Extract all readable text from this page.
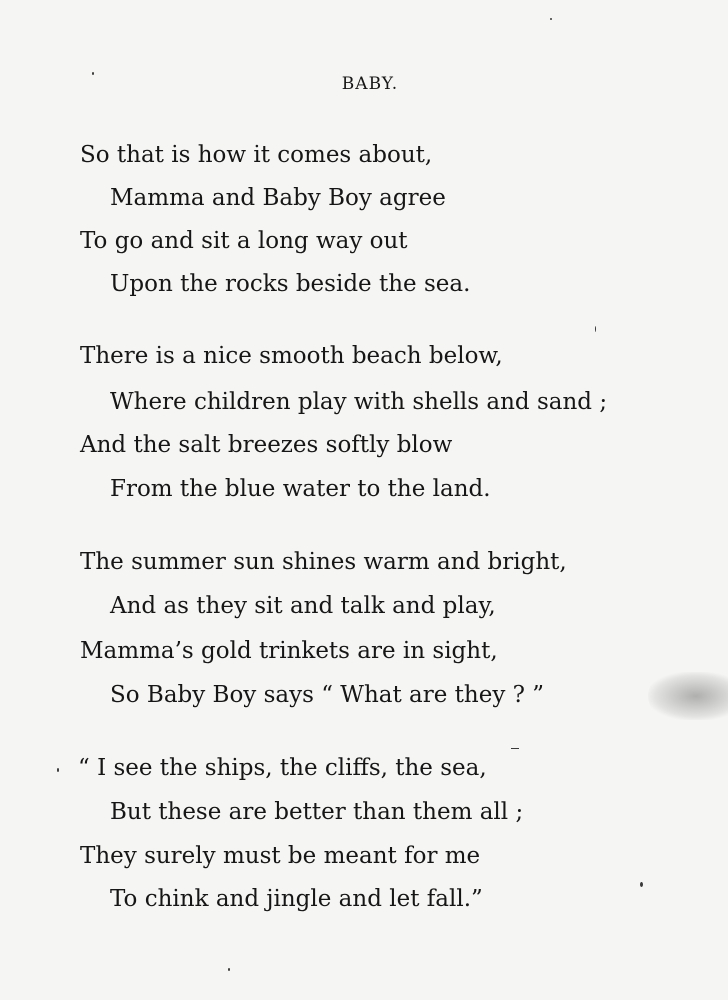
BABY.
So that is how it comes about,
Mamma and Baby Boy agree
To go and sit a long way out
Upon the rocks beside the sea.
There is a nice smooth beach below,
Where children play with shells and sand ;
And the salt breezes softly blow
From the blue water to the land.
The summer sun shines warm and bright,
And as they sit and talk and play,
Mamma’s gold trinkets are in sight,
So Baby Boy says “ What are they ? ”
“ I see the ships, the cliffs, the sea,
But these are better than them all ;
They surely must be meant for me
To chink and jingle and let fall.”
